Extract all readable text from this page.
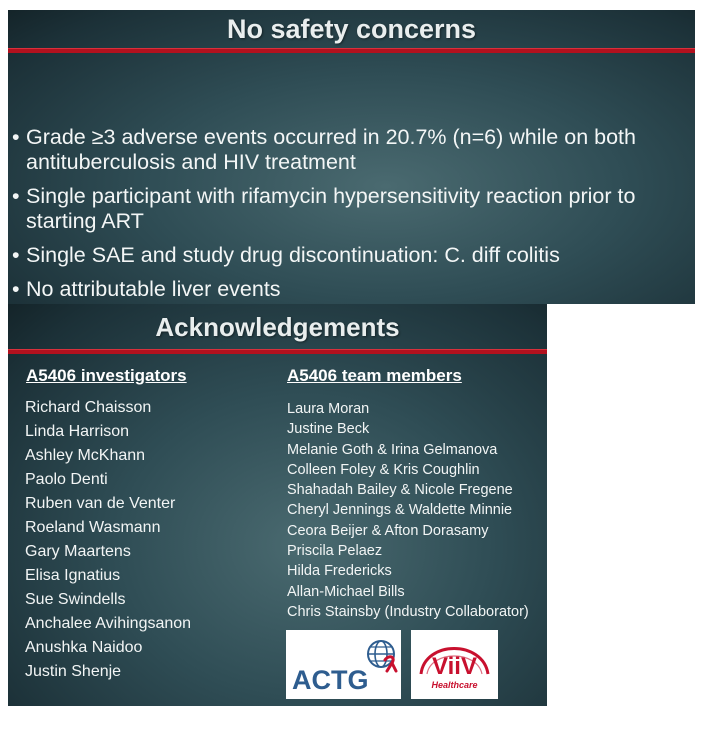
No safety concerns
• Grade ≥3 adverse events occurred in 20.7% (n=6) while on both antituberculosis and HIV treatment
• Single participant with rifamycin hypersensitivity reaction prior to starting ART
• Single SAE and study drug discontinuation: C. diff colitis
• No attributable liver events
Acknowledgements
A5406 investigators
Richard Chaisson
Linda Harrison
Ashley McKhann
Paolo Denti
Ruben van de Venter
Roeland Wasmann
Gary Maartens
Elisa Ignatius
Sue Swindells
Anchalee Avihingsanon
Anushka Naidoo
Justin Shenje
A5406 team members
Laura Moran
Justine Beck
Melanie Goth & Irina Gelmanova
Colleen Foley & Kris Coughlin
Shahadah Bailey & Nicole Fregene
Cheryl Jennings & Waldette Minnie
Ceora Beijer & Afton Dorasamy
Priscila Pelaez
Hilda Fredericks
Allan-Michael Bills
Chris Stainsby (Industry Collaborator)
ACTG	ViiV
Healthcare
